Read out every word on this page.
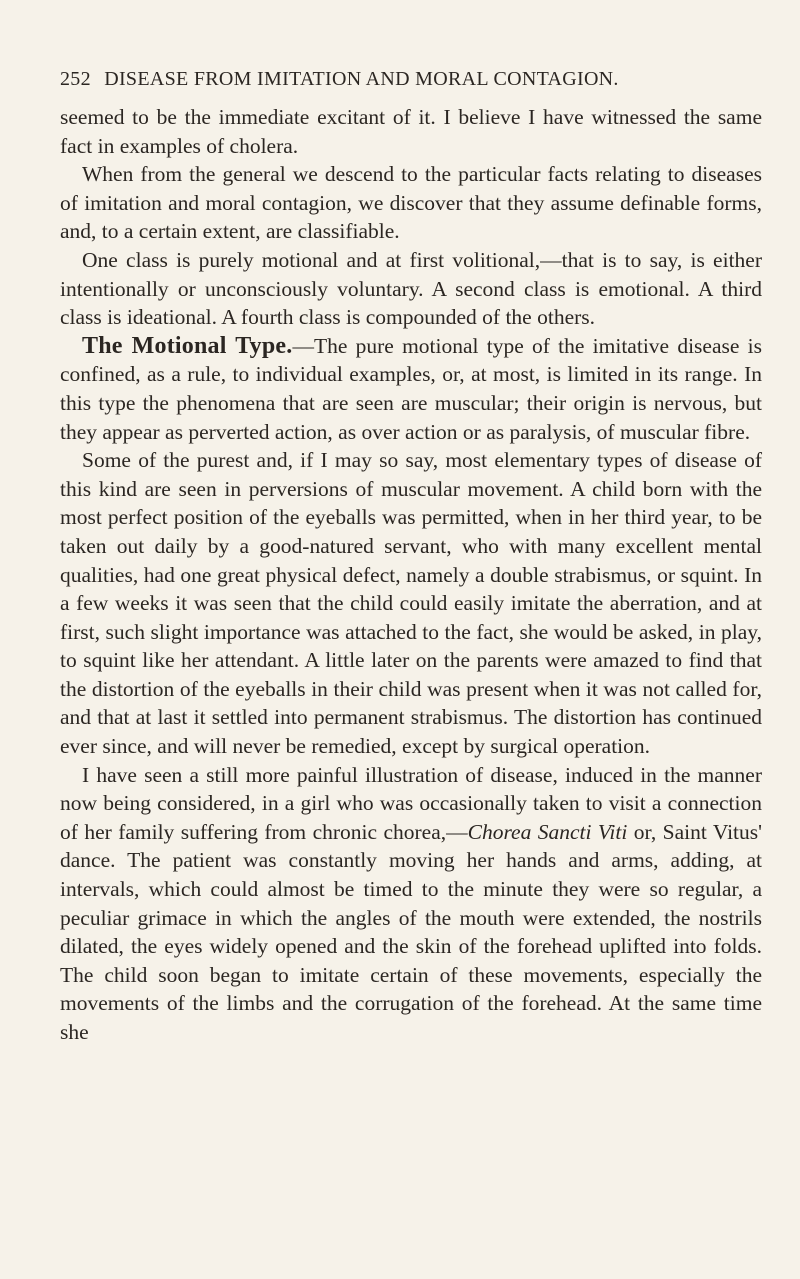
252 DISEASE FROM IMITATION AND MORAL CONTAGION.

seemed to be the immediate excitant of it. I believe I have witnessed the same fact in examples of cholera.

When from the general we descend to the particular facts relating to diseases of imitation and moral contagion, we discover that they assume definable forms, and, to a certain extent, are classifiable.

One class is purely motional and at first volitional,—that is to say, is either intentionally or unconsciously voluntary. A second class is emotional. A third class is ideational. A fourth class is compounded of the others.

The Motional Type.—The pure motional type of the imitative disease is confined, as a rule, to individual examples, or, at most, is limited in its range. In this type the phenomena that are seen are muscular; their origin is nervous, but they appear as perverted action, as over action or as paralysis, of muscular fibre.

Some of the purest and, if I may so say, most elementary types of disease of this kind are seen in perversions of muscular movement. A child born with the most perfect position of the eyeballs was permitted, when in her third year, to be taken out daily by a good-natured servant, who with many excellent mental qualities, had one great physical defect, namely a double strabismus, or squint. In a few weeks it was seen that the child could easily imitate the aberration, and at first, such slight importance was attached to the fact, she would be asked, in play, to squint like her attendant. A little later on the parents were amazed to find that the distortion of the eyeballs in their child was present when it was not called for, and that at last it settled into permanent strabismus. The distortion has continued ever since, and will never be remedied, except by surgical operation.

I have seen a still more painful illustration of disease, induced in the manner now being considered, in a girl who was occasionally taken to visit a connection of her family suffering from chronic chorea,—Chorea Sancti Viti or, Saint Vitus' dance. The patient was constantly moving her hands and arms, adding, at intervals, which could almost be timed to the minute they were so regular, a peculiar grimace in which the angles of the mouth were extended, the nostrils dilated, the eyes widely opened and the skin of the forehead uplifted into folds. The child soon began to imitate certain of these movements, especially the movements of the limbs and the corrugation of the forehead. At the same time she
